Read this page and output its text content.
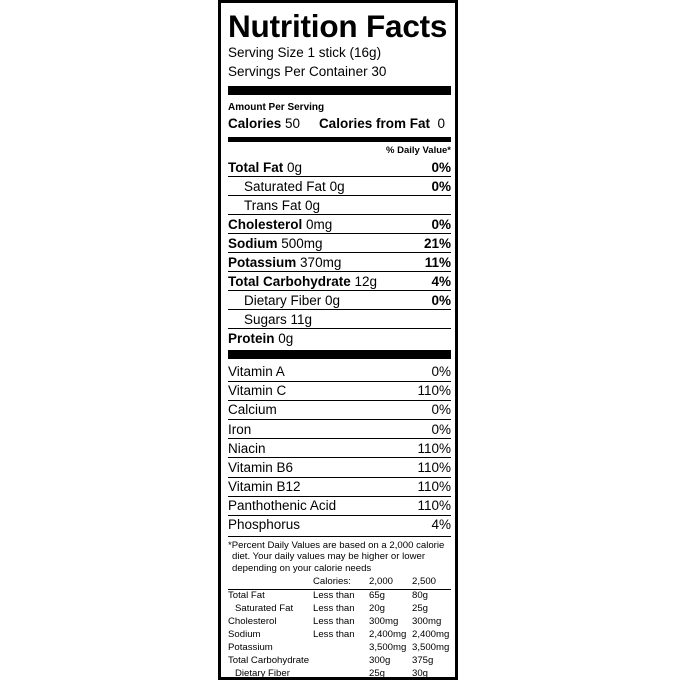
Nutrition Facts
Serving Size 1 stick (16g)
Servings Per Container 30
Amount Per Serving
Calories 50 Calories from Fat 0
% Daily Value*
Total Fat 0g	0%
Saturated Fat 0g	0%
Trans Fat 0g
Cholesterol 0mg	0%
Sodium 500mg	21%
Potassium 370mg	11%
Total Carbohydrate 12g	4%
Dietary Fiber 0g	0%
Sugars 11g
Protein 0g
Vitamin A	0%
Vitamin C	110%
Calcium	0%
Iron	0%
Niacin	110%
Vitamin B6	110%
Vitamin B12	110%
Panthothenic Acid	110%
Phosphorus	4%

*Percent Daily Values are based on a 2,000 calorie

diet. Your daily values may be higher or lower

depending on your calorie needs

	Calories:	2,000	2,500
Total Fat	Less than	65g	80g
Saturated Fat	Less than	20g	25g
Cholesterol	Less than	300mg	300mg
Sodium	Less than	2,400mg	2,400mg
Potassium		3,500mg	3,500mg
Total Carbohydrate		300g	375g
Dietary Fiber		25g	30g
